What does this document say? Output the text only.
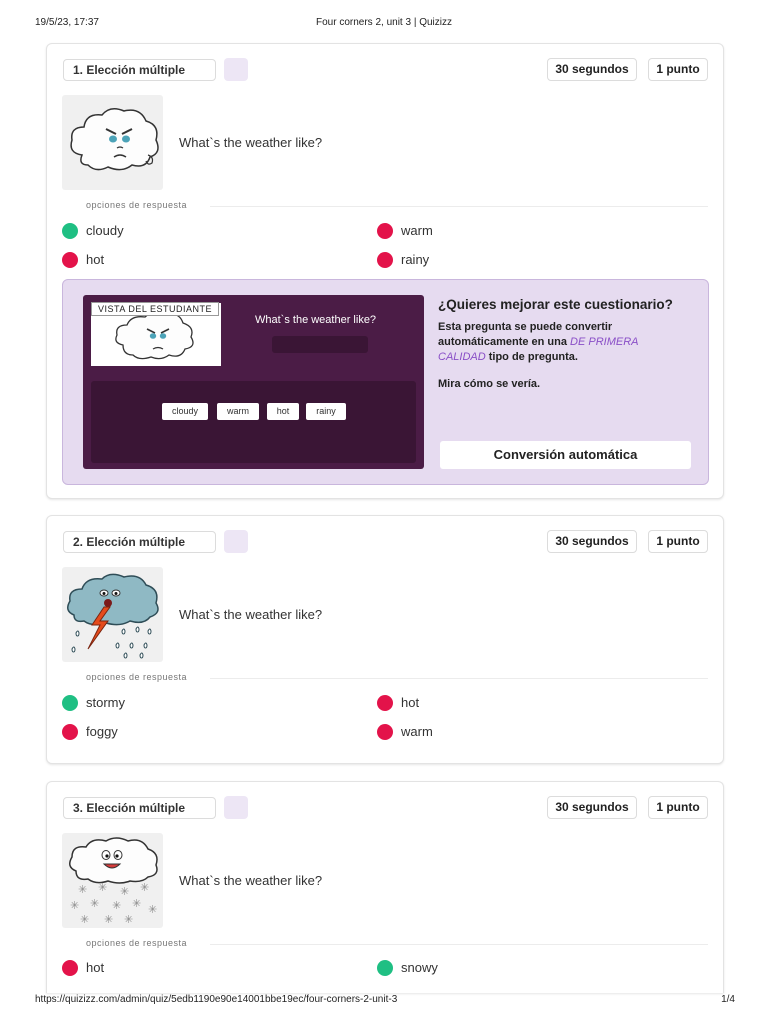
19/5/23, 17:37	Four corners 2, unit 3 | Quizizz
1. Elección múltiple	30 segundos	1 punto
What`s the weather like?
opciones de respuesta
cloudy	warm
hot	rainy
VISTA DEL ESTUDIANTE
What`s the weather like?
cloudy	warm	hot	rainy
¿Quieres mejorar este cuestionario?
Esta pregunta se puede convertir automáticamente en una DE PRIMERA CALIDAD tipo de pregunta.
Mira cómo se vería.
Conversión automática
2. Elección múltiple	30 segundos	1 punto
What`s the weather like?
opciones de respuesta
stormy	hot
foggy	warm
3. Elección múltiple	30 segundos	1 punto
✳ ✳ ✳ ✳
✳ ✳ ✳ ✳ ✳
✳ ✳ ✳
What`s the weather like?
opciones de respuesta
hot	snowy
https://quizizz.com/admin/quiz/5edb1190e90e14001bbe19ec/four-corners-2-unit-3	1/4
